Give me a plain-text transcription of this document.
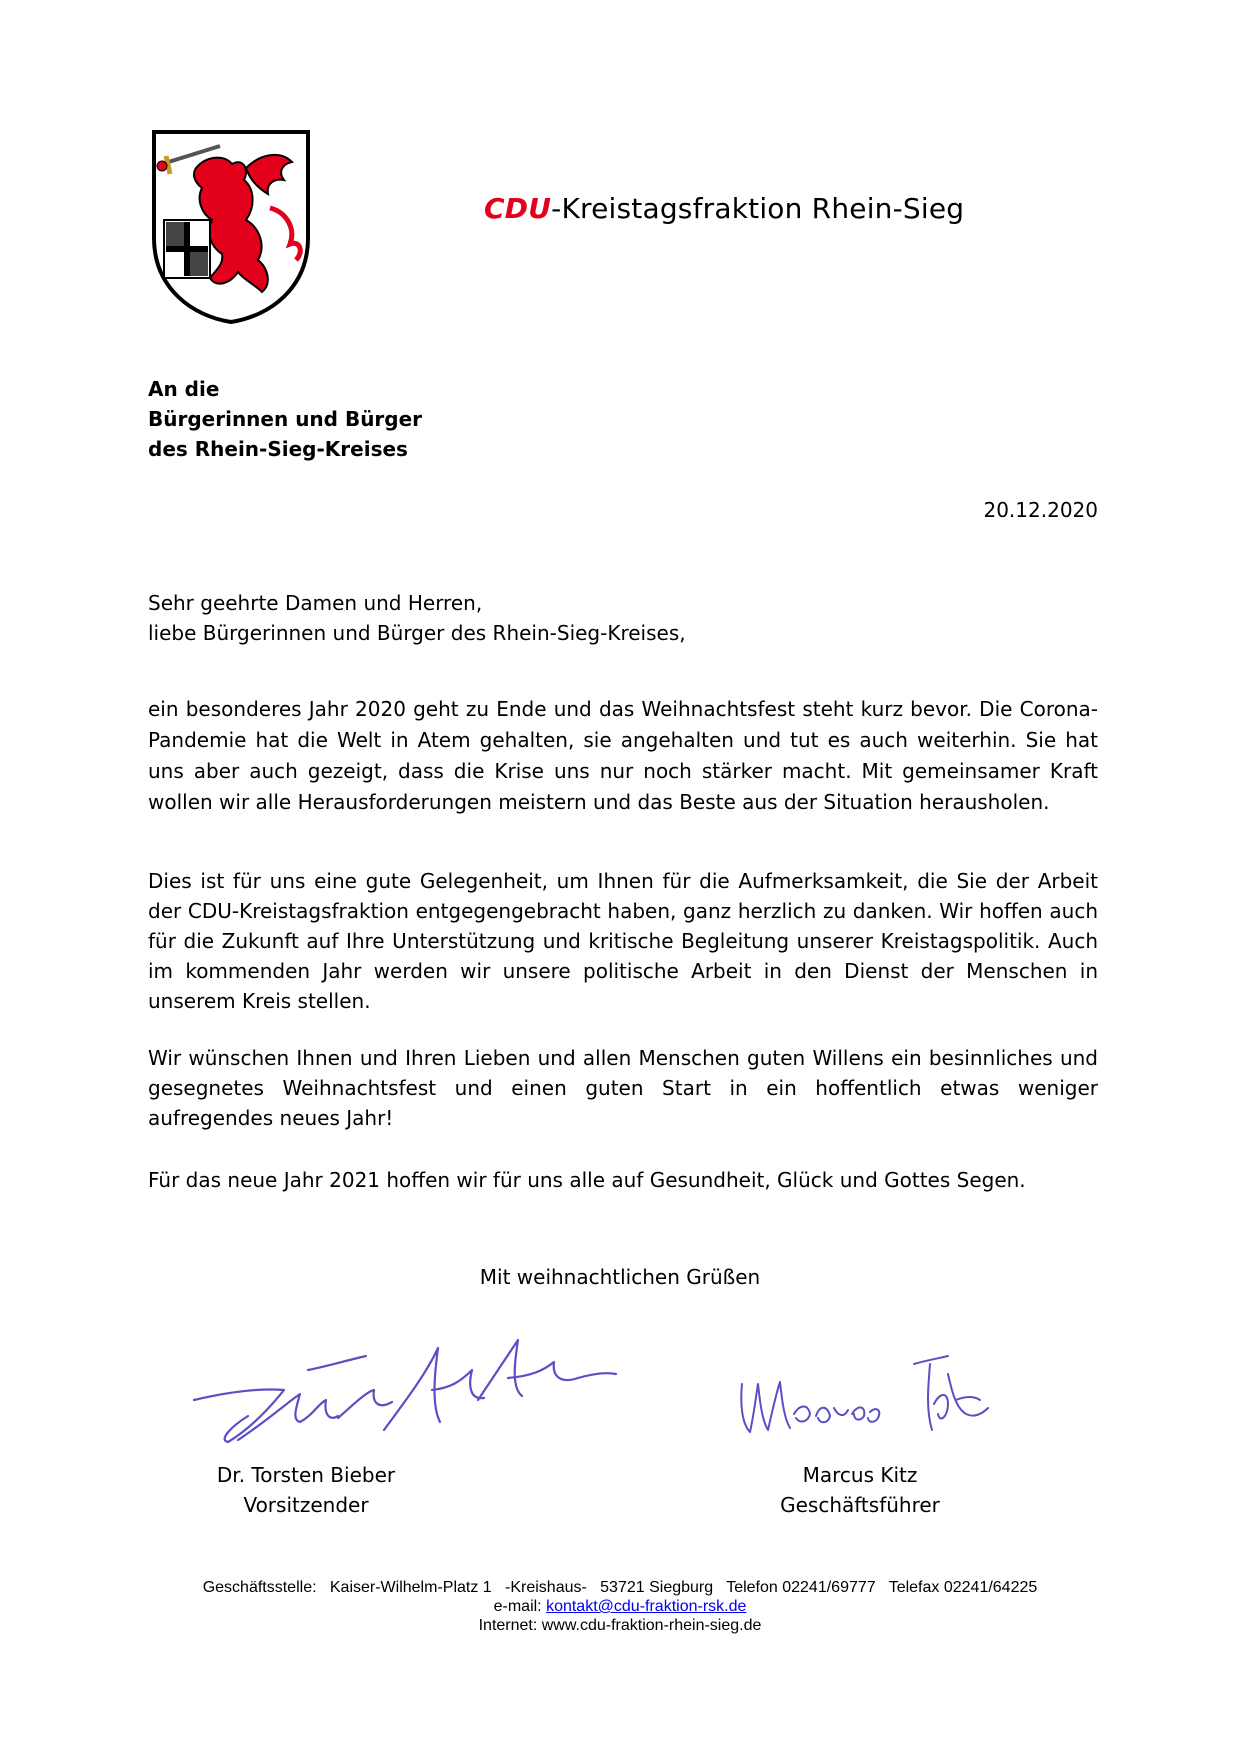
CDU-Kreistagsfraktion Rhein-Sieg
An die
Bürgerinnen und Bürger
des Rhein-Sieg-Kreises
20.12.2020
Sehr geehrte Damen und Herren,
liebe Bürgerinnen und Bürger des Rhein-Sieg-Kreises,
ein besonderes Jahr 2020 geht zu Ende und das Weihnachtsfest steht kurz bevor. Die Corona-Pandemie hat die Welt in Atem gehalten, sie angehalten und tut es auch weiterhin. Sie hat uns aber auch gezeigt, dass die Krise uns nur noch stärker macht. Mit gemeinsamer Kraft wollen wir alle Herausforderungen meistern und das Beste aus der Situation herausholen.
Dies ist für uns eine gute Gelegenheit, um Ihnen für die Aufmerksamkeit, die Sie der Arbeit der CDU-Kreistagsfraktion entgegengebracht haben, ganz herzlich zu danken. Wir hoffen auch für die Zukunft auf Ihre Unterstützung und kritische Begleitung unserer Kreistagspolitik. Auch im kommenden Jahr werden wir unsere politische Arbeit in den Dienst der Menschen in unserem Kreis stellen.
Wir wünschen Ihnen und Ihren Lieben und allen Menschen guten Willens ein besinnliches und gesegnetes Weihnachtsfest und einen guten Start in ein hoffentlich etwas weniger aufregendes neues Jahr!
Für das neue Jahr 2021 hoffen wir für uns alle auf Gesundheit, Glück und Gottes Segen.
Mit weihnachtlichen Grüßen
Dr. Torsten Bieber
Vorsitzender
Marcus Kitz
Geschäftsführer
Geschäftsstelle:   Kaiser-Wilhelm-Platz 1   -Kreishaus-   53721 Siegburg   Telefon 02241/69777   Telefax 02241/64225
e-mail: kontakt@cdu-fraktion-rsk.de
Internet: www.cdu-fraktion-rhein-sieg.de
